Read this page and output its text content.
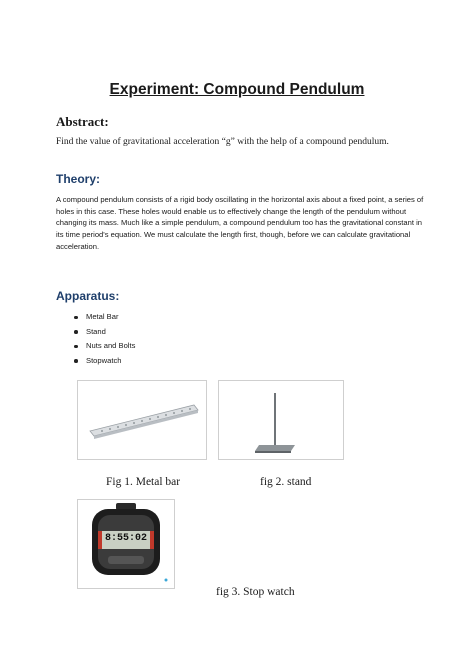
Experiment: Compound Pendulum
Abstract:
Find the value of gravitational acceleration “g” with the help of a compound pendulum.
Theory:
A compound pendulum consists of a rigid body oscillating in the horizontal axis about a fixed point, a series of holes in this case. These holes would enable us to effectively change the length of the pendulum without changing its mass. Much like a simple pendulum, a compound pendulum too has the gravitational constant in its time period's equation. We must calculate the length first, though, before we can calculate gravitational acceleration.
Apparatus:
Metal Bar
Stand
Nuts and Bolts
Stopwatch
Fig 1. Metal bar	fig 2. stand
8:55:02
fig 3. Stop watch
